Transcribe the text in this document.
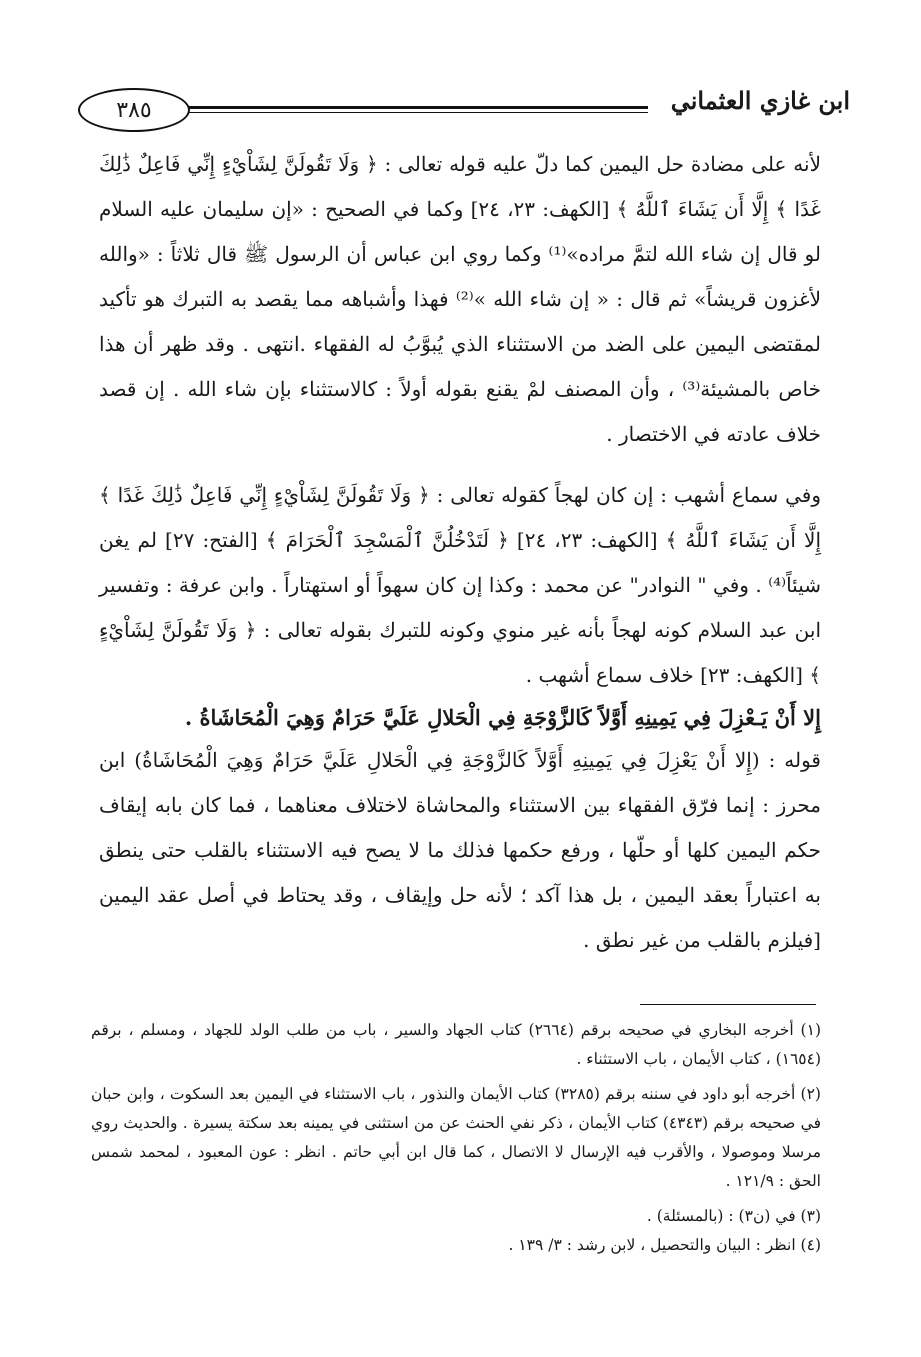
٣٨٥	ابن غازي العثماني

لأنه على مضادة حل اليمين كما دلّ عليه قوله تعالى : ﴿ وَلَا تَقُولَنَّ لِشَاْيْءٍ إِنِّي فَاعِلٌ ذَٰلِكَ غَدًا ﴾ إِلَّا أَن يَشَاءَ ٱللَّهُ ﴾ [الكهف: ٢٣، ٢٤] وكما في الصحيح : «إن سليمان عليه السلام لو قال إن شاء الله لتمَّ مراده»⁽¹⁾ وكما روي ابن عباس أن الرسول ﷺ قال ثلاثاً : «والله لأغزون قريشاً» ثم قال : « إن شاء الله »⁽²⁾ فهذا وأشباهه مما يقصد به التبرك هو تأكيد لمقتضى اليمين على الضد من الاستثناء الذي يُبوَّبُ له الفقهاء .انتهى . وقد ظهر أن هذا خاص بالمشيئة⁽³⁾ ، وأن المصنف لمْ يقنع بقوله أولاً : كالاستثناء بإن شاء الله . إن قصد خلاف عادته في الاختصار .

وفي سماع أشهب : إن كان لهجاً كقوله تعالى : ﴿ وَلَا تَقُولَنَّ لِشَاْيْءٍ إِنِّي فَاعِلٌ ذَٰلِكَ غَدًا ﴾ إِلَّا أَن يَشَاءَ ٱللَّهُ ﴾ [الكهف: ٢٣، ٢٤] ﴿ لَتَدْخُلُنَّ ٱلْمَسْجِدَ ٱلْحَرَامَ ﴾ [الفتح: ٢٧] لم يغن شيئاً⁽⁴⁾ . وفي " النوادر" عن محمد : وكذا إن كان سهواً أو استهتاراً . وابن عرفة : وتفسير ابن عبد السلام كونه لهجاً بأنه غير منوي وكونه للتبرك بقوله تعالى : ﴿ وَلَا تَقُولَنَّ لِشَاْيْءٍ ﴾ [الكهف: ٢٣] خلاف سماع أشهب .

إِلا أَنْ يَـعْزِلَ فِي يَمِينِهِ أَوَّلاً كَالزَّوْجَةِ فِي الْحَلالِ عَلَيَّ حَرَامٌ وَهِيَ الْمُحَاشَاةُ .

قوله : (إِلا أَنْ يَعْزِلَ فِي يَمِينِهِ أَوَّلاً كَالزَّوْجَةِ فِي الْحَلالِ عَلَيَّ حَرَامٌ وَهِيَ الْمُحَاشَاةُ) ابن محرز : إنما فرّق الفقهاء بين الاستثناء والمحاشاة لاختلاف معناهما ، فما كان بابه إيقاف حكم اليمين كلها أو حلّها ، ورفع حكمها فذلك ما لا يصح فيه الاستثناء بالقلب حتى ينطق به اعتباراً بعقد اليمين ، بل هذا آكد ؛ لأنه حل وإيقاف ، وقد يحتاط في أصل عقد اليمين [فيلزم بالقلب من غير نطق .

(١) أخرجه البخاري في صحيحه برقم (٢٦٦٤) كتاب الجهاد والسير ، باب من طلب الولد للجهاد ، ومسلم ، برقم (١٦٥٤) ، كتاب الأيمان ، باب الاستثناء .

(٢) أخرجه أبو داود في سننه برقم (٣٢٨٥) كتاب الأيمان والنذور ، باب الاستثناء في اليمين بعد السكوت ، وابن حبان في صحيحه برقم (٤٣٤٣) كتاب الأيمان ، ذكر نفي الحنث عن من استثنى في يمينه بعد سكتة يسيرة . والحديث روي مرسلا وموصولا ، والأقرب فيه الإرسال لا الاتصال ، كما قال ابن أبي حاتم . انظر : عون المعبود ، لمحمد شمس الحق : ١٢١/٩ .

(٣) في (ن٣) : (بالمسئلة) .

(٤) انظر : البيان والتحصيل ، لابن رشد : ٣/ ١٣٩ .
